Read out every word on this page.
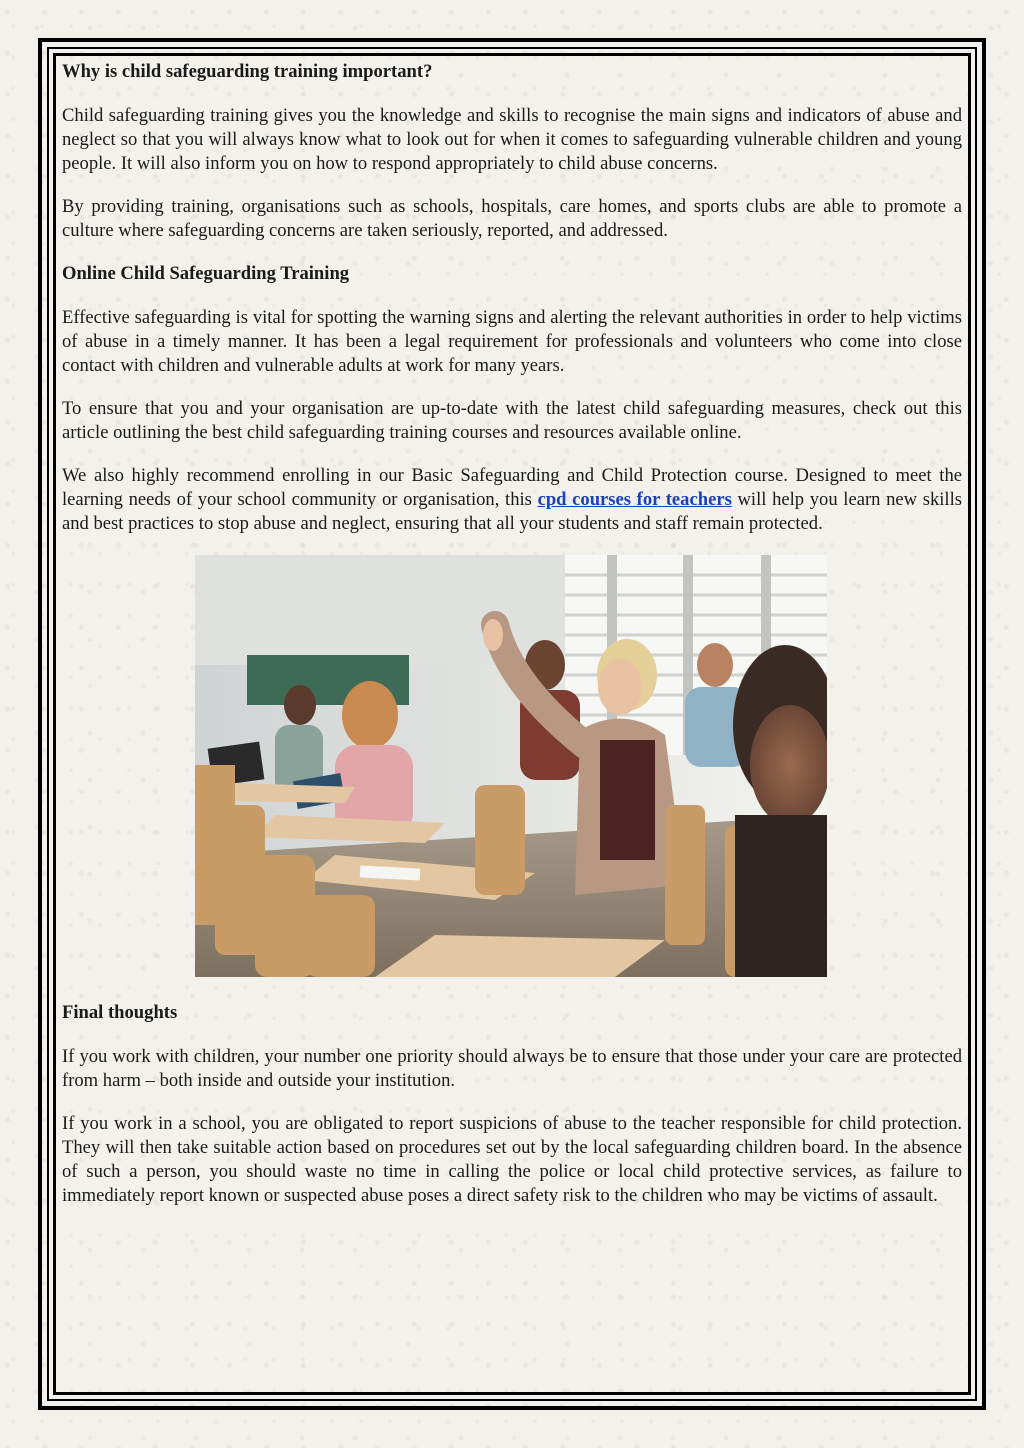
Why is child safeguarding training important?

Child safeguarding training gives you the knowledge and skills to recognise the main signs and indicators of abuse and neglect so that you will always know what to look out for when it comes to safeguarding vulnerable children and young people. It will also inform you on how to respond appropriately to child abuse concerns.

By providing training, organisations such as schools, hospitals, care homes, and sports clubs are able to promote a culture where safeguarding concerns are taken seriously, reported, and addressed.

Online Child Safeguarding Training

Effective safeguarding is vital for spotting the warning signs and alerting the relevant authorities in order to help victims of abuse in a timely manner. It has been a legal requirement for professionals and volunteers who come into close contact with children and vulnerable adults at work for many years.

To ensure that you and your organisation are up-to-date with the latest child safeguarding measures, check out this article outlining the best child safeguarding training courses and resources available online.

We also highly recommend enrolling in our Basic Safeguarding and Child Protection course. Designed to meet the learning needs of your school community or organisation, this cpd courses for teachers will help you learn new skills and best practices to stop abuse and neglect, ensuring that all your students and staff remain protected.

Final thoughts

If you work with children, your number one priority should always be to ensure that those under your care are protected from harm – both inside and outside your institution.

If you work in a school, you are obligated to report suspicions of abuse to the teacher responsible for child protection. They will then take suitable action based on procedures set out by the local safeguarding children board. In the absence of such a person, you should waste no time in calling the police or local child protective services, as failure to immediately report known or suspected abuse poses a direct safety risk to the children who may be victims of assault.
